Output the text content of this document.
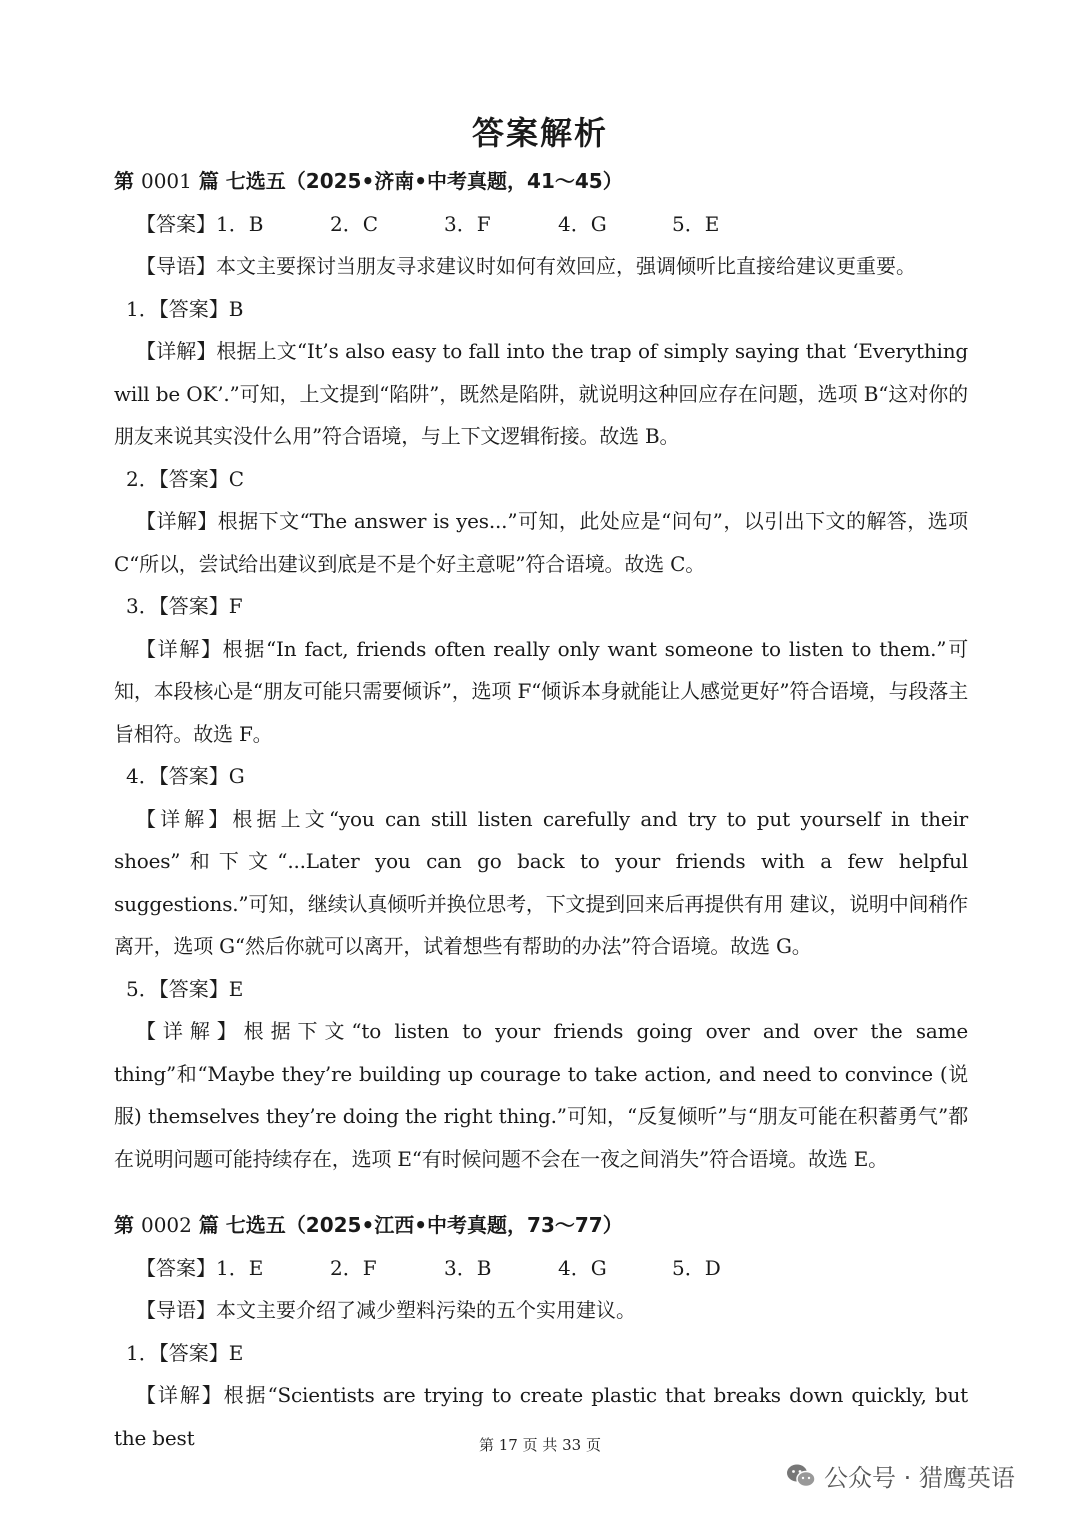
答案解析
第 0001 篇 七选五（2025•济南•中考真题，41～45）
【答案】1．B	2．C	3．F	4．G	5．E
【导语】本文主要探讨当朋友寻求建议时如何有效回应，强调倾听比直接给建议更重要。
1．【答案】B
【详解】根据上文“It’s also easy to fall into the trap of simply saying that ‘Everything will be OK’.”可知，上文提到“陷阱”，既然是陷阱，就说明这种回应存在问题，选项 B“这对你的朋友来说其实没什么用”符合语境，与上下文逻辑衔接。故选 B。
2．【答案】C
【详解】根据下文“The answer is yes...”可知，此处应是“问句”，以引出下文的解答，选项 C“所以，尝试给出建议到底是不是个好主意呢”符合语境。故选 C。
3．【答案】F
【详解】根据“In fact, friends often really only want someone to listen to them.”可知，本段核心是“朋友可能只需要倾诉”，选项 F“倾诉本身就能让人感觉更好”符合语境，与段落主旨相符。故选 F。
4．【答案】G
【详解】根据上文“you can still listen carefully and try to put yourself in their shoes”和下文“...Later you can go back to your friends with a few helpful suggestions.”可知，继续认真倾听并换位思考，下文提到回来后再提供有用 建议，说明中间稍作离开，选项 G“然后你就可以离开，试着想些有帮助的办法”符合语境。故选 G。
5．【答案】E
【详解】根据下文“to listen to your friends going over and over the same thing”和“Maybe they’re building up courage to take action, and need to convince (说服) themselves they’re doing the right thing.”可知，“反复倾听”与“朋友可能在积蓄勇气”都在说明问题可能持续存在，选项 E“有时候问题不会在一夜之间消失”符合语境。故选 E。
第 0002 篇 七选五（2025•江西•中考真题，73～77）
【答案】1．E	2．F	3．B	4．G	5．D
【导语】本文主要介绍了减少塑料污染的五个实用建议。
1．【答案】E
【详解】根据“Scientists are trying to create plastic that breaks down quickly, but the best	第 17 页 共 33 页
公众号 · 猎鹰英语
